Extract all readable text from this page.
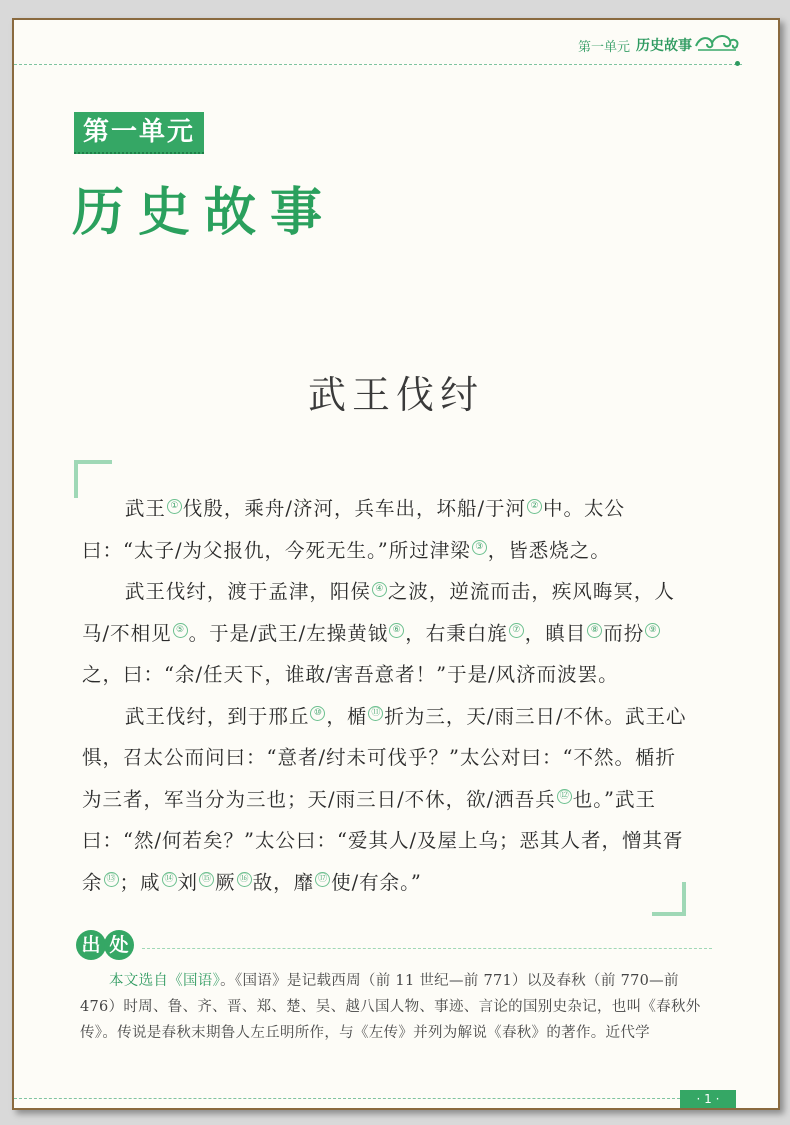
第一单元 历史故事
第一单元
历史故事
武王伐纣

武王 ① 伐殷，乘舟/济河，兵车出，坏船/于河 ② 中。太公曰：“太子/为父报仇，今死无生。”所过津梁 ③ ，皆悉烧之。

武王伐纣，渡于孟津，阳侯 ④ 之波，逆流而击，疾风晦冥，人马/不相见 ⑤ 。于是/武王/左操黄钺 ⑥ ，右秉白旄 ⑦ ，瞋目 ⑧ 而扮 ⑨之，曰：“余/任天下，谁敢/害吾意者！”于是/风济而波罢。

武王伐纣，到于邢丘 ⑩ ，楯 ⑪ 折为三，天/雨三日/不休。武王心惧，召太公而问曰：“意者/纣未可伐乎？”太公对曰：“不然。楯折为三者，军当分为三也；天/雨三日/不休，欲/洒吾兵 ⑫ 也。”武王曰：“然/何若矣？”太公曰：“爱其人/及屋上乌；恶其人者，憎其胥余 ⑬ ；咸 ⑭ 刘 ⑮ 厥 ⑯ 敌，靡 ⑰ 使/有余。”

出 处
本文选自《国语》。《国语》是记载西周（前 11 世纪—前 771）以及春秋（前 770—前 476）时周、鲁、齐、晋、郑、楚、吴、越八国人物、事迹、言论的国别史杂记，也叫《春秋外传》。传说是春秋末期鲁人左丘明所作，与《左传》并列为解说《春秋》的著作。近代学
· 1 ·
